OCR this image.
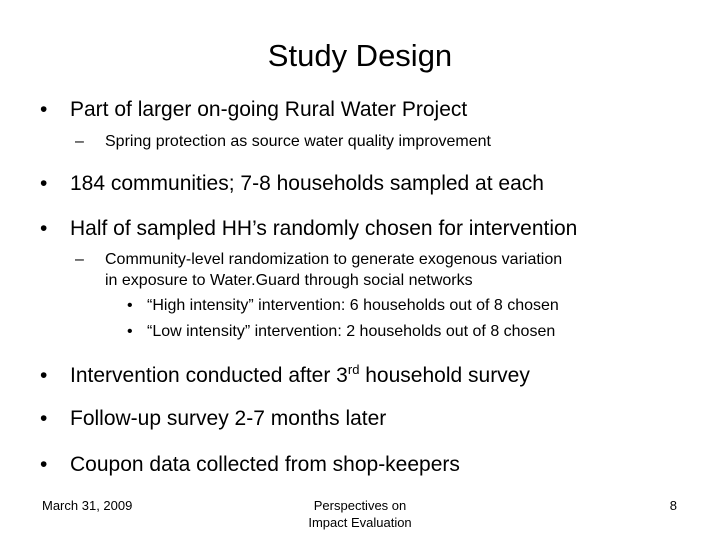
Study Design
• Part of larger on-going Rural Water Project
– Spring protection as source water quality improvement
• 184 communities; 7-8 households sampled at each
• Half of sampled HH’s randomly chosen for intervention
– Community-level randomization to generate exogenous variation
in exposure to Water.Guard through social networks
• “High intensity” intervention: 6 households out of 8 chosen
• “Low intensity” intervention: 2 households out of 8 chosen
• Intervention conducted after 3rd household survey
• Follow-up survey 2-7 months later
• Coupon data collected from shop-keepers
March 31, 2009	Perspectives on
Impact Evaluation
8
